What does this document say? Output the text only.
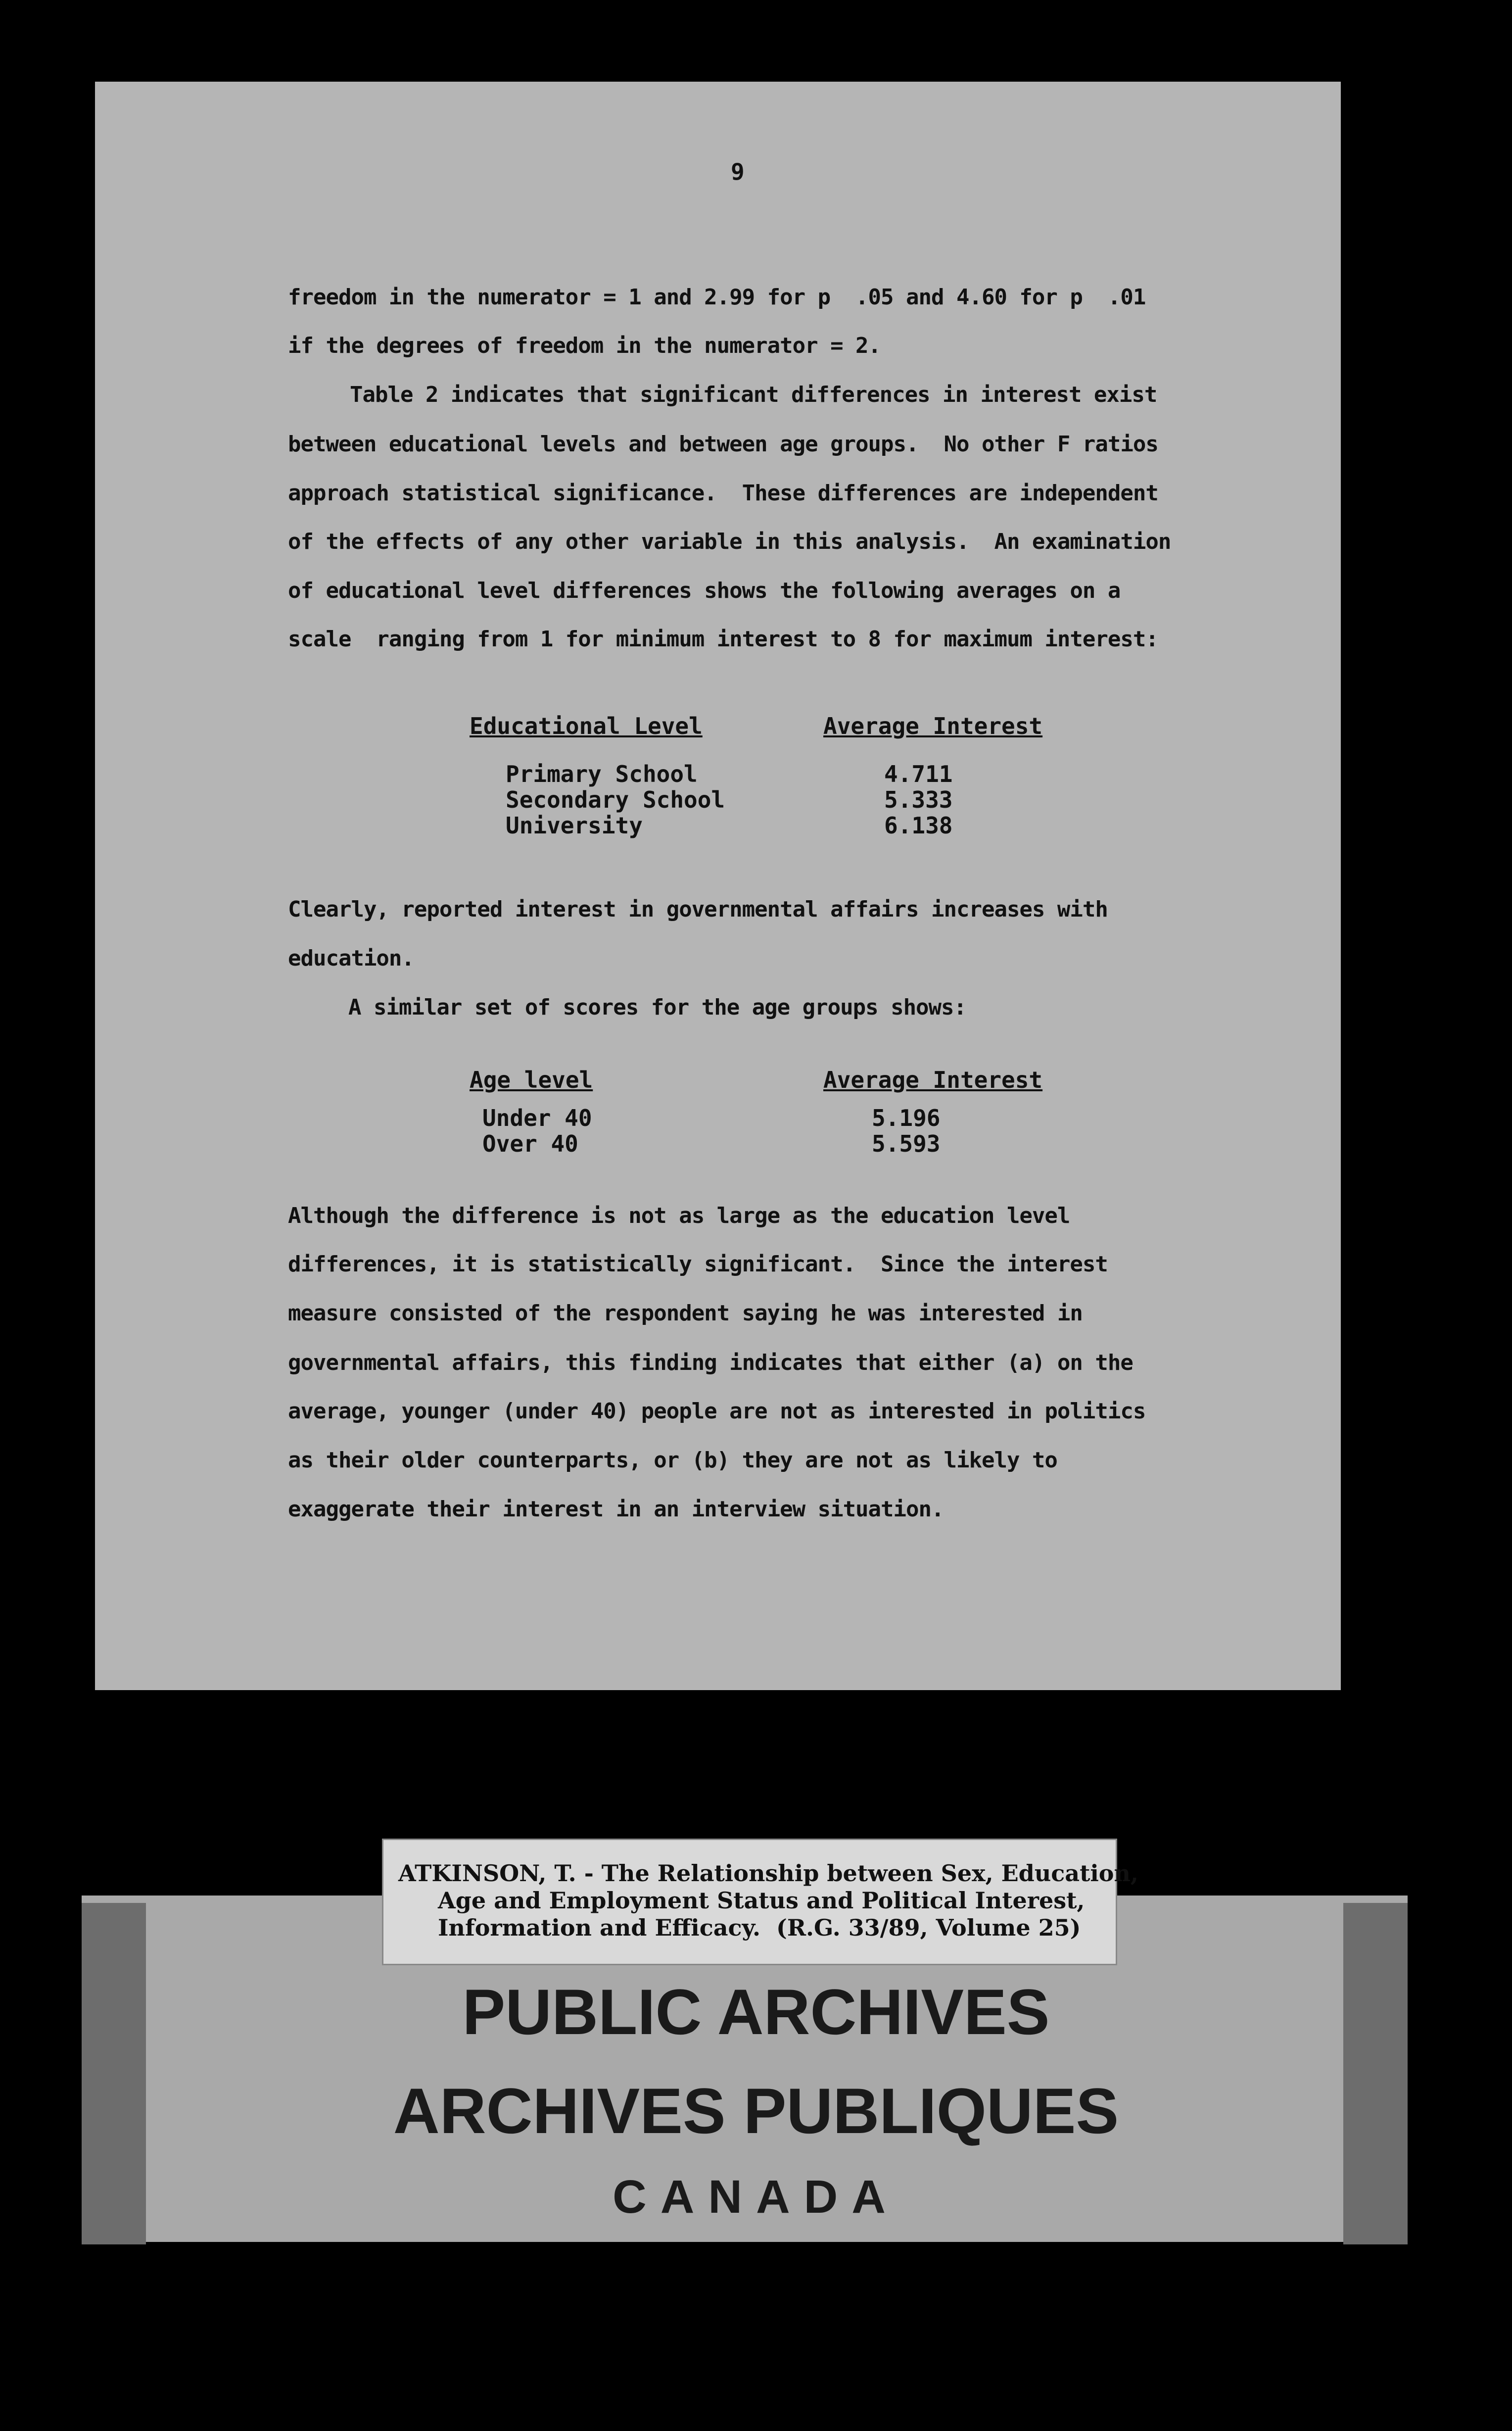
9
freedom in the numerator = 1 and 2.99 for p  .05 and 4.60 for p  .01
if the degrees of freedom in the numerator = 2.
Table 2 indicates that significant differences in interest exist
between educational levels and between age groups.  No other F ratios
approach statistical significance.  These differences are independent
of the effects of any other variable in this analysis.  An examination
of educational level differences shows the following averages on a
scale  ranging from 1 for minimum interest to 8 for maximum interest:
Educational Level	Average Interest
Primary School	4.711
Secondary School	5.333
University	6.138
Clearly, reported interest in governmental affairs increases with
education.
A similar set of scores for the age groups shows:
Age level	Average Interest
Under 40	5.196
Over 40	5.593
Although the difference is not as large as the education level
differences, it is statistically significant.  Since the interest
measure consisted of the respondent saying he was interested in
governmental affairs, this finding indicates that either (a) on the
average, younger (under 40) people are not as interested in politics
as their older counterparts, or (b) they are not as likely to
exaggerate their interest in an interview situation.
ATKINSON, T. - The Relationship between Sex, Education,
Age and Employment Status and Political Interest,
Information and Efficacy.  (R.G. 33/89, Volume 25)
PUBLIC ARCHIVES
ARCHIVES PUBLIQUES
CANADA
